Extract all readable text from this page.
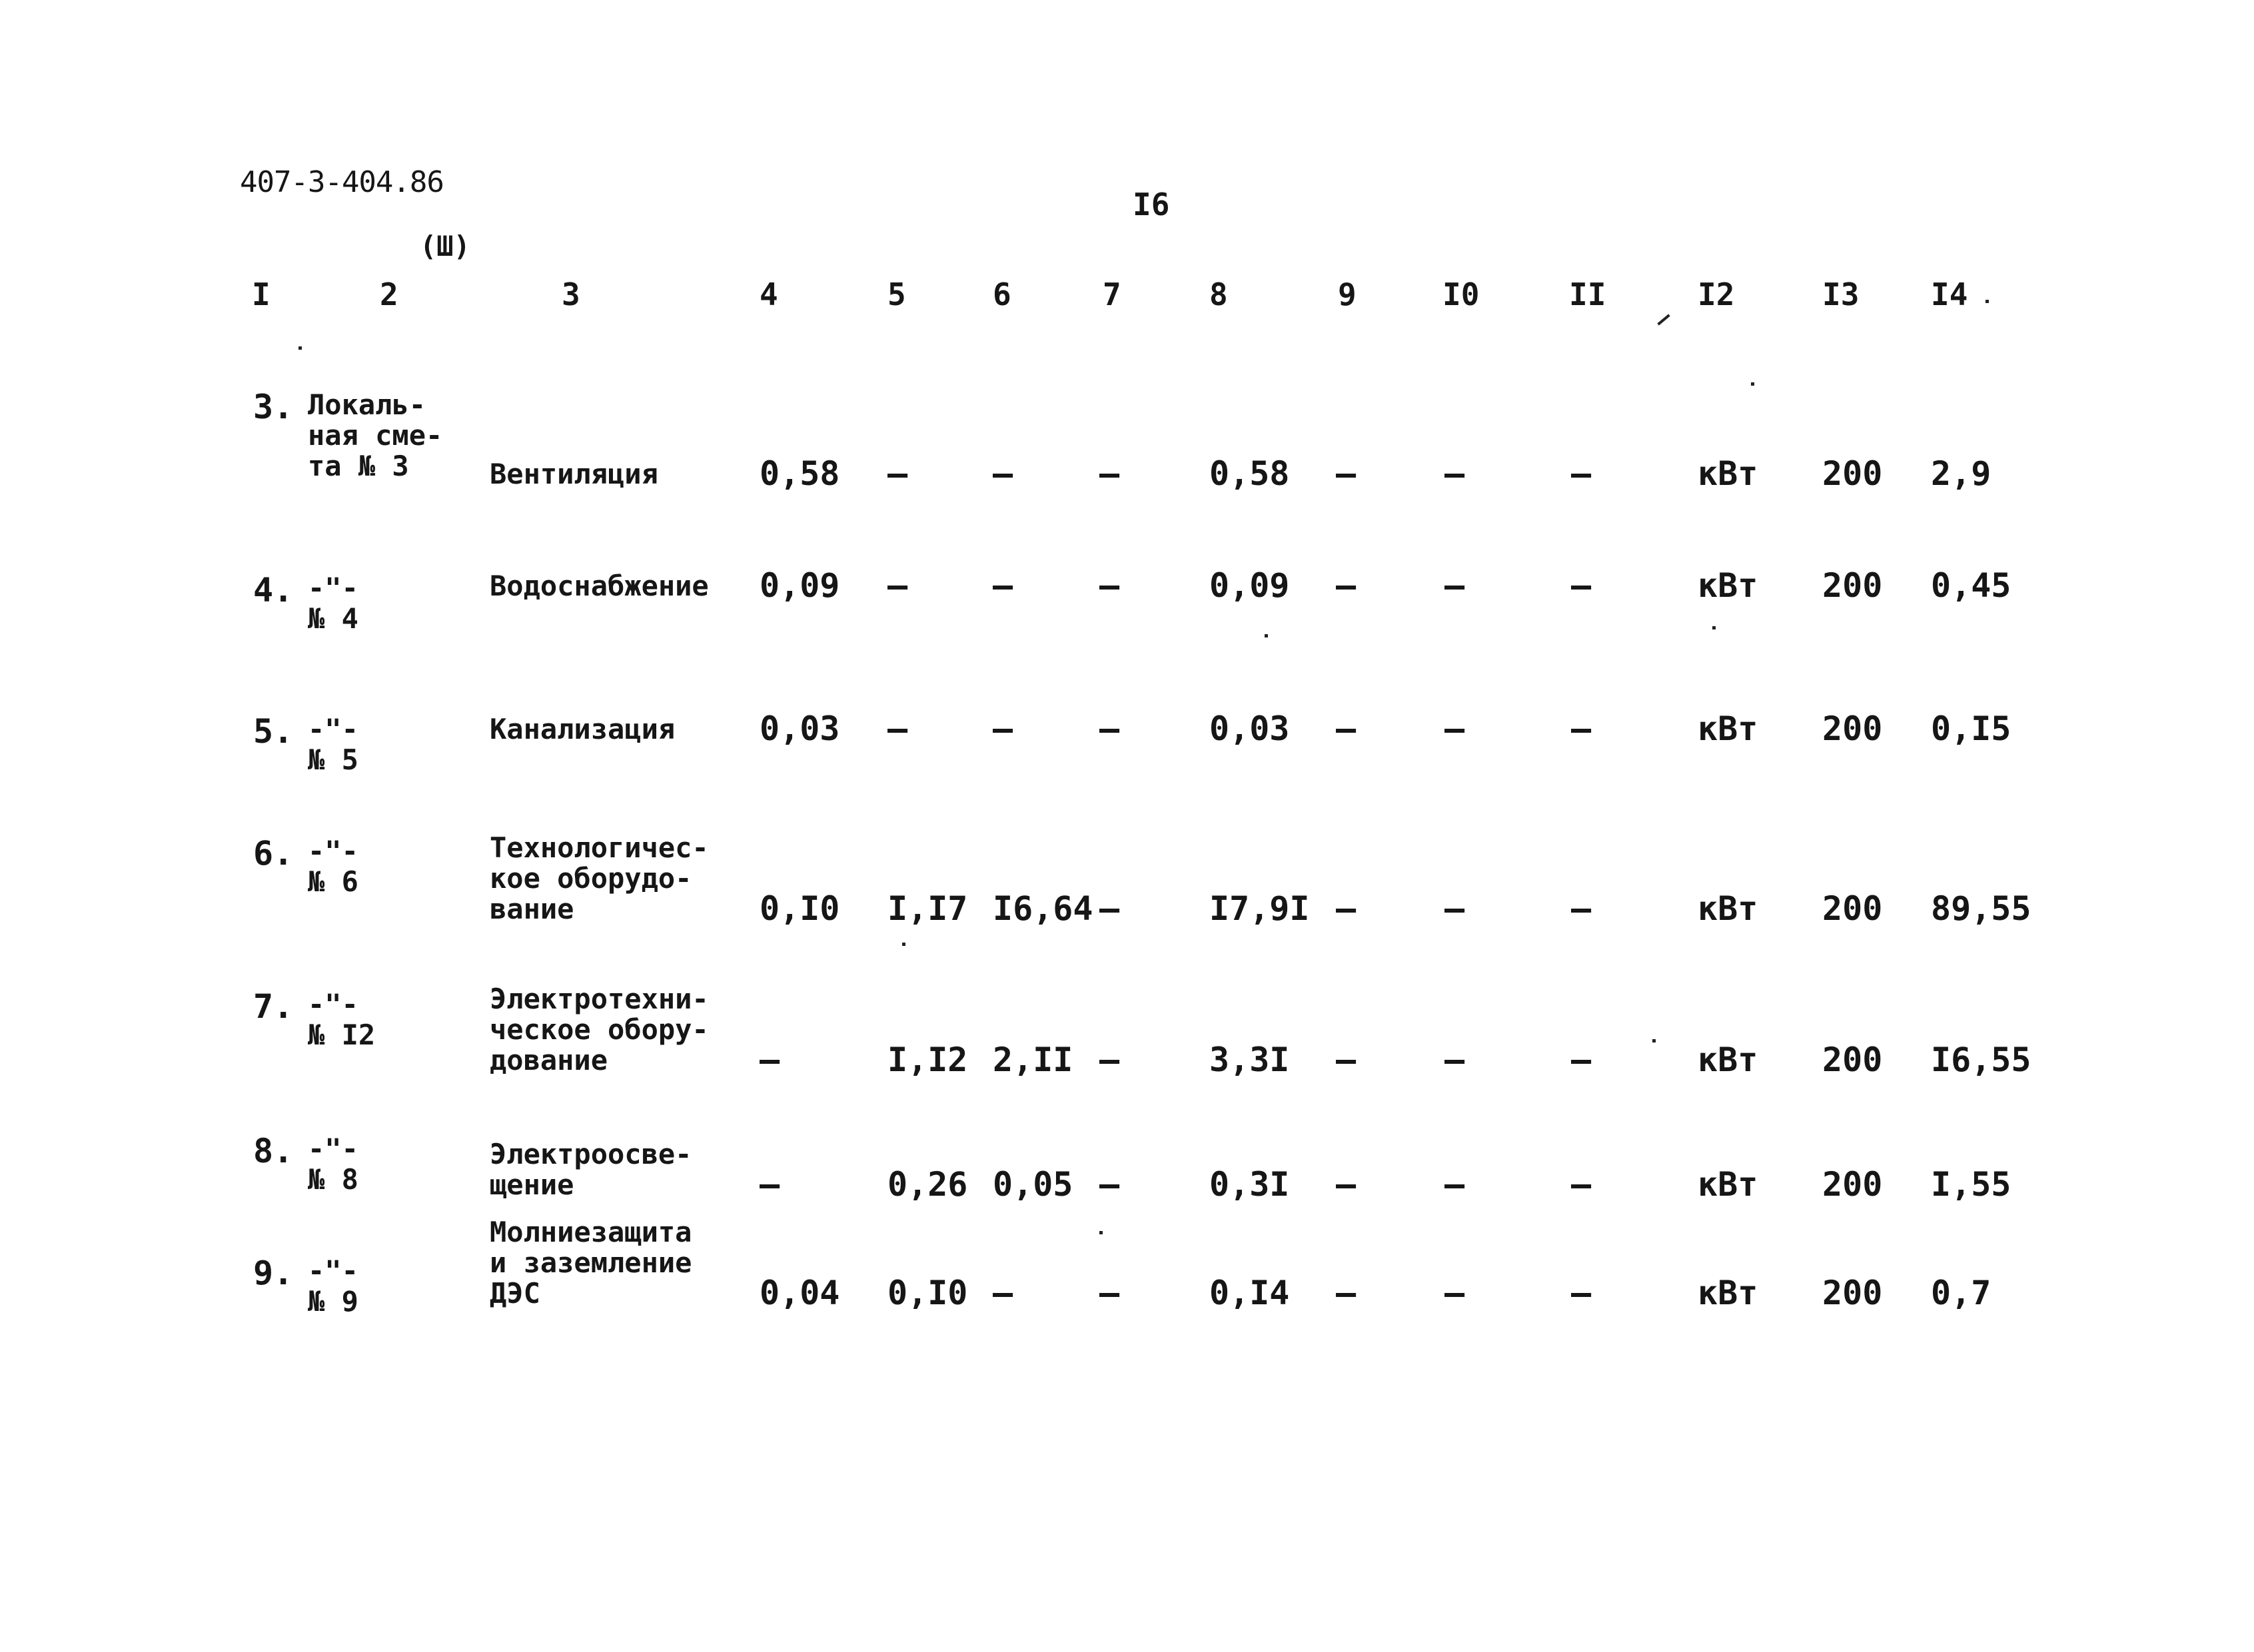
407-3-404.86
I6
(Ш)
I	2	3	4	5	6	7	8	9	I0	II	I2	I3 I4
3. Локаль-
ная сме-
та № 3	Вентиляция	0,58 –	–	–	0,58 –	–	–	кВт 200 2,9
4. -"-
№ 4
Водоснабжение 0,09 –	–	–	0,09 –	–	–	кВт 200 0,45
5. -"-
№ 5
Канализация	0,03 –	–	–	0,03 –	–	–	кВт 200 0,I5
6. -"-
№ 6
Технологичес-
кое оборудо-
вание	0,I0 I,I7 I6,64 –	I7,9I –	–	–	кВт 200 89,55
7. -"-
№ I2
Электротехни-
ческое обору-
дование	–	I,I2 2,II –	3,3I –	–	–	кВт 200 I6,55
8. -"-
№ 8
Электроосве-
щение	–	0,26 0,05 –	0,3I –	–	–	кВт 200 I,55
9. -"-
№ 9
Молниезащита
и заземление
ДЭС	0,04 0,I0 –	–	0,I4 –	–	–	кВт 200 0,7
